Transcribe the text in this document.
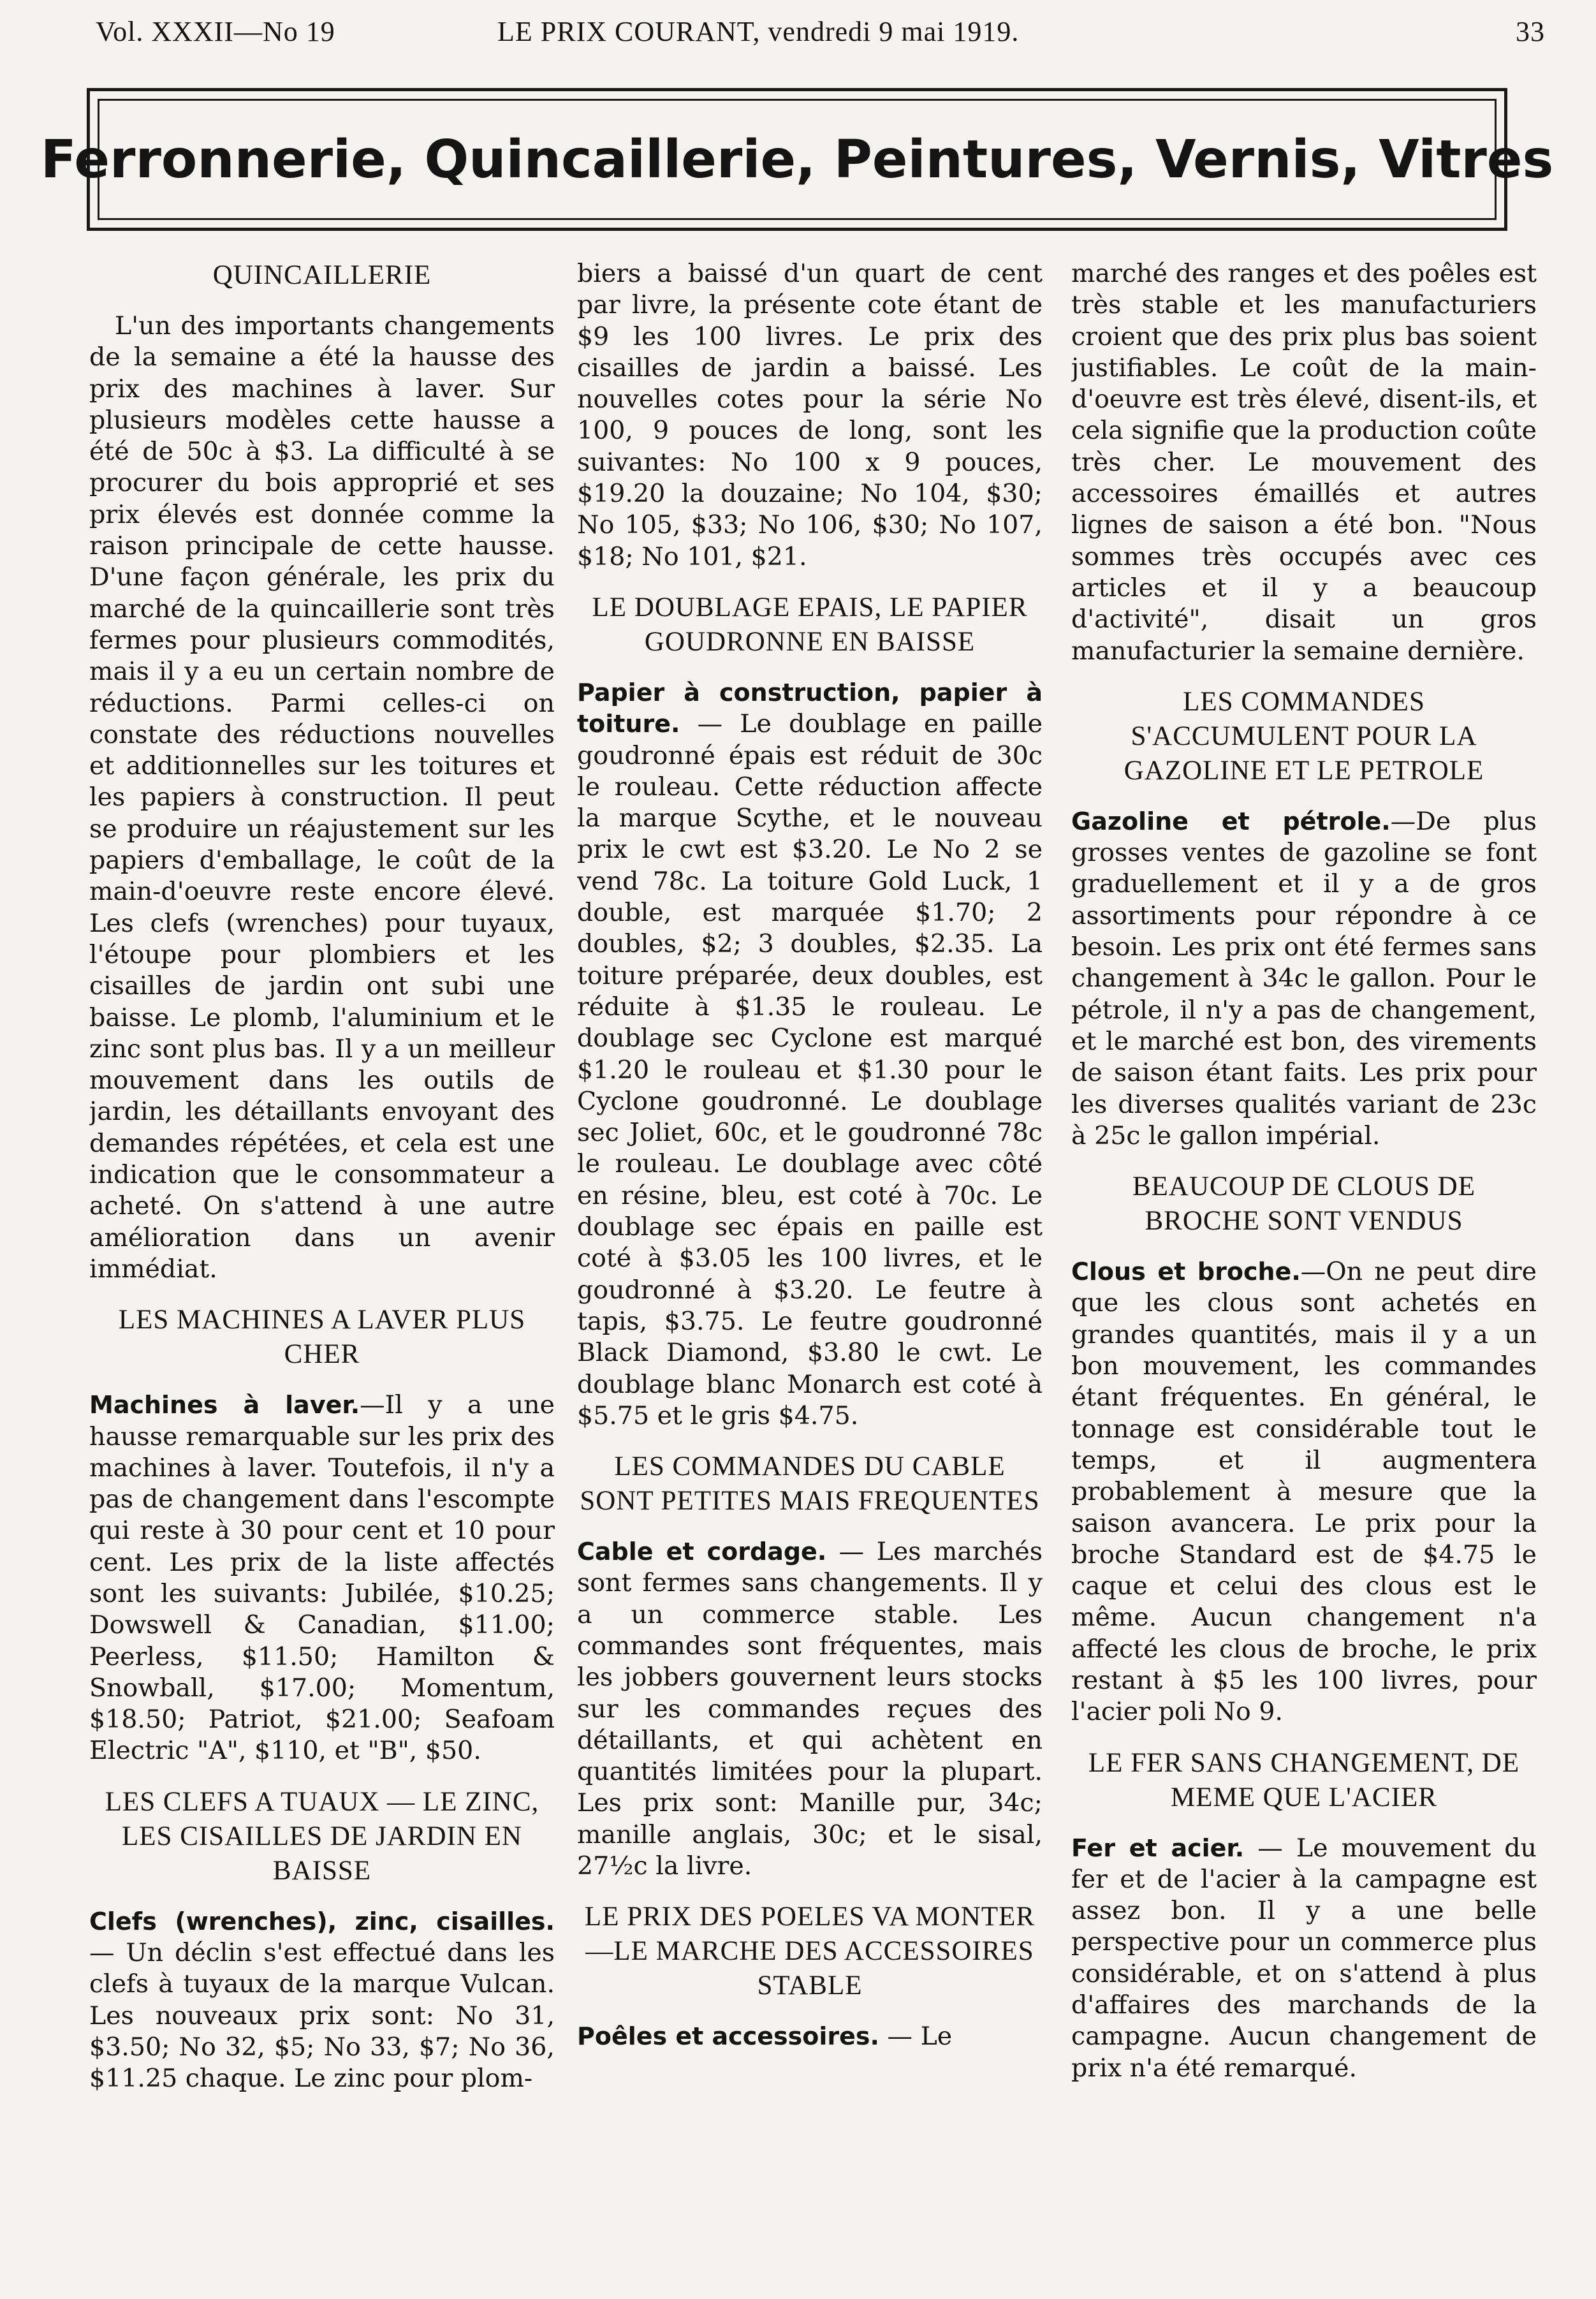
Vol. XXXII—No 19	LE PRIX COURANT, vendredi 9 mai 1919.	33
Ferronnerie, Quincaillerie, Peintures, Vernis, Vitres
QUINCAILLERIE

L'un des importants changements de la semaine a été la hausse des prix des machines à laver. Sur plusieurs modèles cette hausse a été de 50c à $3. La difficulté à se procurer du bois approprié et ses prix élevés est donnée comme la raison principale de cette hausse. D'une façon générale, les prix du marché de la quincaillerie sont très fermes pour plusieurs commodités, mais il y a eu un certain nombre de réductions. Parmi celles-ci on constate des réductions nouvelles et additionnelles sur les toitures et les papiers à construction. Il peut se produire un réajustement sur les papiers d'emballage, le coût de la main-d'oeuvre reste encore élevé. Les clefs (wrenches) pour tuyaux, l'étoupe pour plombiers et les cisailles de jardin ont subi une baisse. Le plomb, l'aluminium et le zinc sont plus bas. Il y a un meilleur mouvement dans les outils de jardin, les détaillants envoyant des demandes répétées, et cela est une indication que le consommateur a acheté. On s'attend à une autre amélioration dans un avenir immédiat.

LES MACHINES A LAVER PLUS CHER

Machines à laver.—Il y a une hausse remarquable sur les prix des machines à laver. Toutefois, il n'y a pas de changement dans l'escompte qui reste à 30 pour cent et 10 pour cent. Les prix de la liste affectés sont les suivants: Jubilée, $10.25; Dowswell & Canadian, $11.00; Peerless, $11.50; Hamilton & Snowball, $17.00; Momentum, $18.50; Patriot, $21.00; Seafoam Electric "A", $110, et "B", $50.

LES CLEFS A TUAUX — LE ZINC, LES CISAILLES DE JARDIN EN BAISSE

Clefs (wrenches), zinc, cisailles. — Un déclin s'est effectué dans les clefs à tuyaux de la marque Vulcan. Les nouveaux prix sont: No 31, $3.50; No 32, $5; No 33, $7; No 36, $11.25 chaque. Le zinc pour plom-

biers a baissé d'un quart de cent par livre, la présente cote étant de $9 les 100 livres. Le prix des cisailles de jardin a baissé. Les nouvelles cotes pour la série No 100, 9 pouces de long, sont les suivantes: No 100 x 9 pouces, $19.20 la douzaine; No 104, $30; No 105, $33; No 106, $30; No 107, $18; No 101, $21.

LE DOUBLAGE EPAIS, LE PAPIER GOUDRONNE EN BAISSE

Papier à construction, papier à toiture. — Le doublage en paille goudronné épais est réduit de 30c le rouleau. Cette réduction affecte la marque Scythe, et le nouveau prix le cwt est $3.20. Le No 2 se vend 78c. La toiture Gold Luck, 1 double, est marquée $1.70; 2 doubles, $2; 3 doubles, $2.35. La toiture préparée, deux doubles, est réduite à $1.35 le rouleau. Le doublage sec Cyclone est marqué $1.20 le rouleau et $1.30 pour le Cyclone goudronné. Le doublage sec Joliet, 60c, et le goudronné 78c le rouleau. Le doublage avec côté en résine, bleu, est coté à 70c. Le doublage sec épais en paille est coté à $3.05 les 100 livres, et le goudronné à $3.20. Le feutre à tapis, $3.75. Le feutre goudronné Black Diamond, $3.80 le cwt. Le doublage blanc Monarch est coté à $5.75 et le gris $4.75.

LES COMMANDES DU CABLE SONT PETITES MAIS FREQUENTES

Cable et cordage. — Les marchés sont fermes sans changements. Il y a un commerce stable. Les commandes sont fréquentes, mais les jobbers gouvernent leurs stocks sur les commandes reçues des détaillants, et qui achètent en quantités limitées pour la plupart. Les prix sont: Manille pur, 34c; manille anglais, 30c; et le sisal, 27½c la livre.

LE PRIX DES POELES VA MONTER—LE MARCHE DES ACCESSOIRES STABLE

Poêles et accessoires. — Le

marché des ranges et des poêles est très stable et les manufacturiers croient que des prix plus bas soient justifiables. Le coût de la main-d'oeuvre est très élevé, disent-ils, et cela signifie que la production coûte très cher. Le mouvement des accessoires émaillés et autres lignes de saison a été bon. "Nous sommes très occupés avec ces articles et il y a beaucoup d'activité", disait un gros manufacturier la semaine dernière.

LES COMMANDES S'ACCUMULENT POUR LA GAZOLINE ET LE PETROLE

Gazoline et pétrole.—De plus grosses ventes de gazoline se font graduellement et il y a de gros assortiments pour répondre à ce besoin. Les prix ont été fermes sans changement à 34c le gallon. Pour le pétrole, il n'y a pas de changement, et le marché est bon, des virements de saison étant faits. Les prix pour les diverses qualités variant de 23c à 25c le gallon impérial.

BEAUCOUP DE CLOUS DE BROCHE SONT VENDUS

Clous et broche.—On ne peut dire que les clous sont achetés en grandes quantités, mais il y a un bon mouvement, les commandes étant fréquentes. En général, le tonnage est considérable tout le temps, et il augmentera probablement à mesure que la saison avancera. Le prix pour la broche Standard est de $4.75 le caque et celui des clous est le même. Aucun changement n'a affecté les clous de broche, le prix restant à $5 les 100 livres, pour l'acier poli No 9.

LE FER SANS CHANGEMENT, DE MEME QUE L'ACIER

Fer et acier. — Le mouvement du fer et de l'acier à la campagne est assez bon. Il y a une belle perspective pour un commerce plus considérable, et on s'attend à plus d'affaires des marchands de la campagne. Aucun changement de prix n'a été remarqué.
